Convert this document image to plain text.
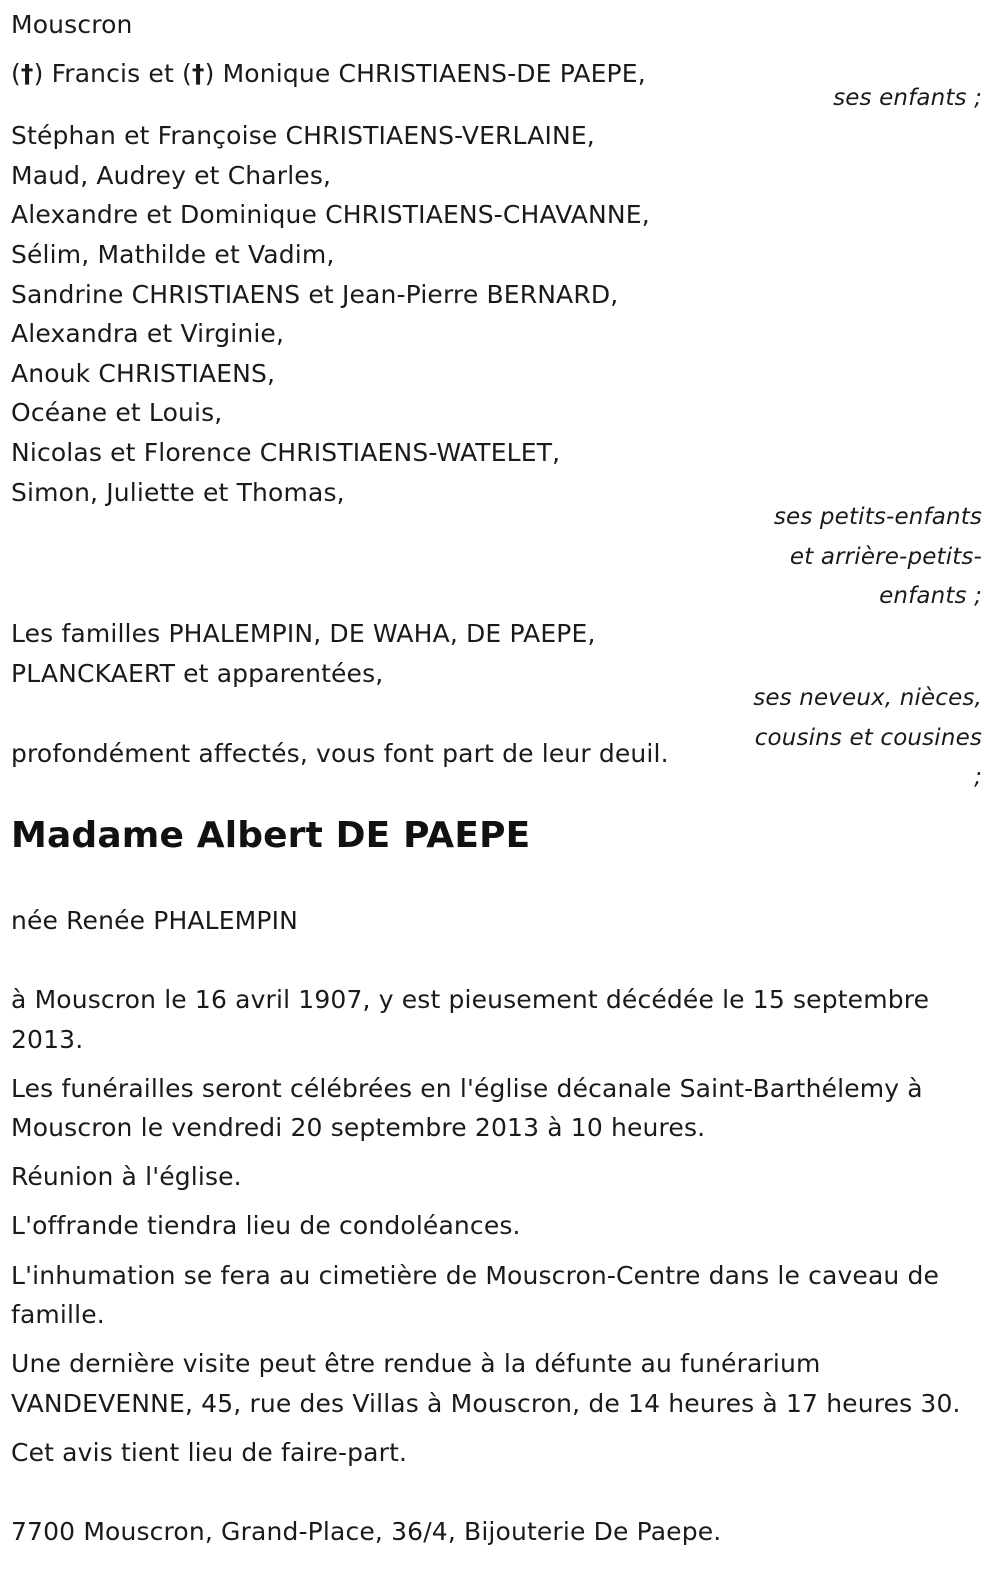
Mouscron
(†) Francis et (†) Monique CHRISTIAENS-DE PAEPE,
ses enfants ;
Stéphan et Françoise CHRISTIAENS-VERLAINE,
Maud, Audrey et Charles,
Alexandre et Dominique CHRISTIAENS-CHAVANNE,
Sélim, Mathilde et Vadim,
Sandrine CHRISTIAENS et Jean-Pierre BERNARD,
Alexandra et Virginie,
Anouk CHRISTIAENS,
Océane et Louis,
Nicolas et Florence CHRISTIAENS-WATELET,
Simon, Juliette et Thomas,
ses petits-enfants
et arrière-petits-
enfants ;
Les familles PHALEMPIN, DE WAHA, DE PAEPE,
PLANCKAERT et apparentées,
ses neveux, nièces,
cousins et cousines
;
profondément affectés, vous font part de leur deuil.
Madame Albert DE PAEPE
née Renée PHALEMPIN
à Mouscron le 16 avril 1907, y est pieusement décédée le 15 septembre
2013.
Les funérailles seront célébrées en l'église décanale Saint-Barthélemy à
Mouscron le vendredi 20 septembre 2013 à 10 heures.
Réunion à l'église.
L'offrande tiendra lieu de condoléances.
L'inhumation se fera au cimetière de Mouscron-Centre dans le caveau de
famille.
Une dernière visite peut être rendue à la défunte au funérarium
VANDEVENNE, 45, rue des Villas à Mouscron, de 14 heures à 17 heures 30.
Cet avis tient lieu de faire-part.
7700 Mouscron, Grand-Place, 36/4, Bijouterie De Paepe.
